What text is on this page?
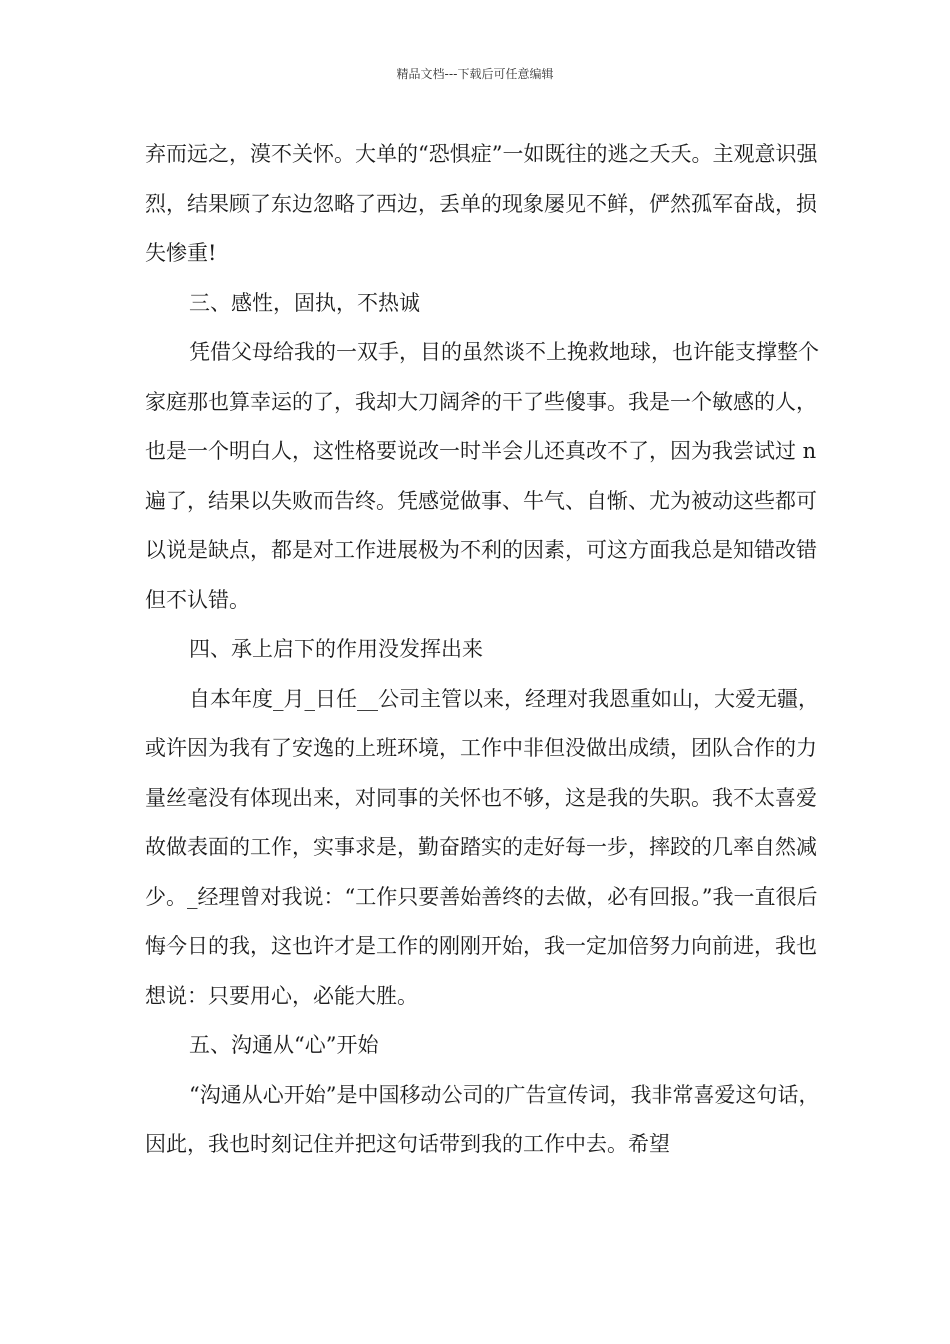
精品文档---下载后可任意编辑

弃而远之，漠不关怀。大单的“恐惧症”一如既往的逃之夭夭。主观意识强烈，结果顾了东边忽略了西边，丢单的现象屡见不鲜，俨然孤军奋战，损失惨重!

三、感性，固执，不热诚

凭借父母给我的一双手，目的虽然谈不上挽救地球，也许能支撑整个家庭那也算幸运的了，我却大刀阔斧的干了些傻事。我是一个敏感的人，也是一个明白人，这性格要说改一时半会儿还真改不了，因为我尝试过 n 遍了，结果以失败而告终。凭感觉做事、牛气、自惭、尤为被动这些都可以说是缺点，都是对工作进展极为不利的因素，可这方面我总是知错改错但不认错。

四、承上启下的作用没发挥出来

自本年度_月_日任__公司主管以来，经理对我恩重如山，大爱无疆，或许因为我有了安逸的上班环境，工作中非但没做出成绩，团队合作的力量丝毫没有体现出来，对同事的关怀也不够，这是我的失职。我不太喜爱故做表面的工作，实事求是，勤奋踏实的走好每一步，摔跤的几率自然减少。_经理曾对我说：“工作只要善始善终的去做，必有回报。”我一直很后悔今日的我，这也许才是工作的刚刚开始，我一定加倍努力向前进，我也想说：只要用心，必能大胜。

五、沟通从“心”开始

“沟通从心开始”是中国移动公司的广告宣传词，我非常喜爱这句话，因此，我也时刻记住并把这句话带到我的工作中去。希望
